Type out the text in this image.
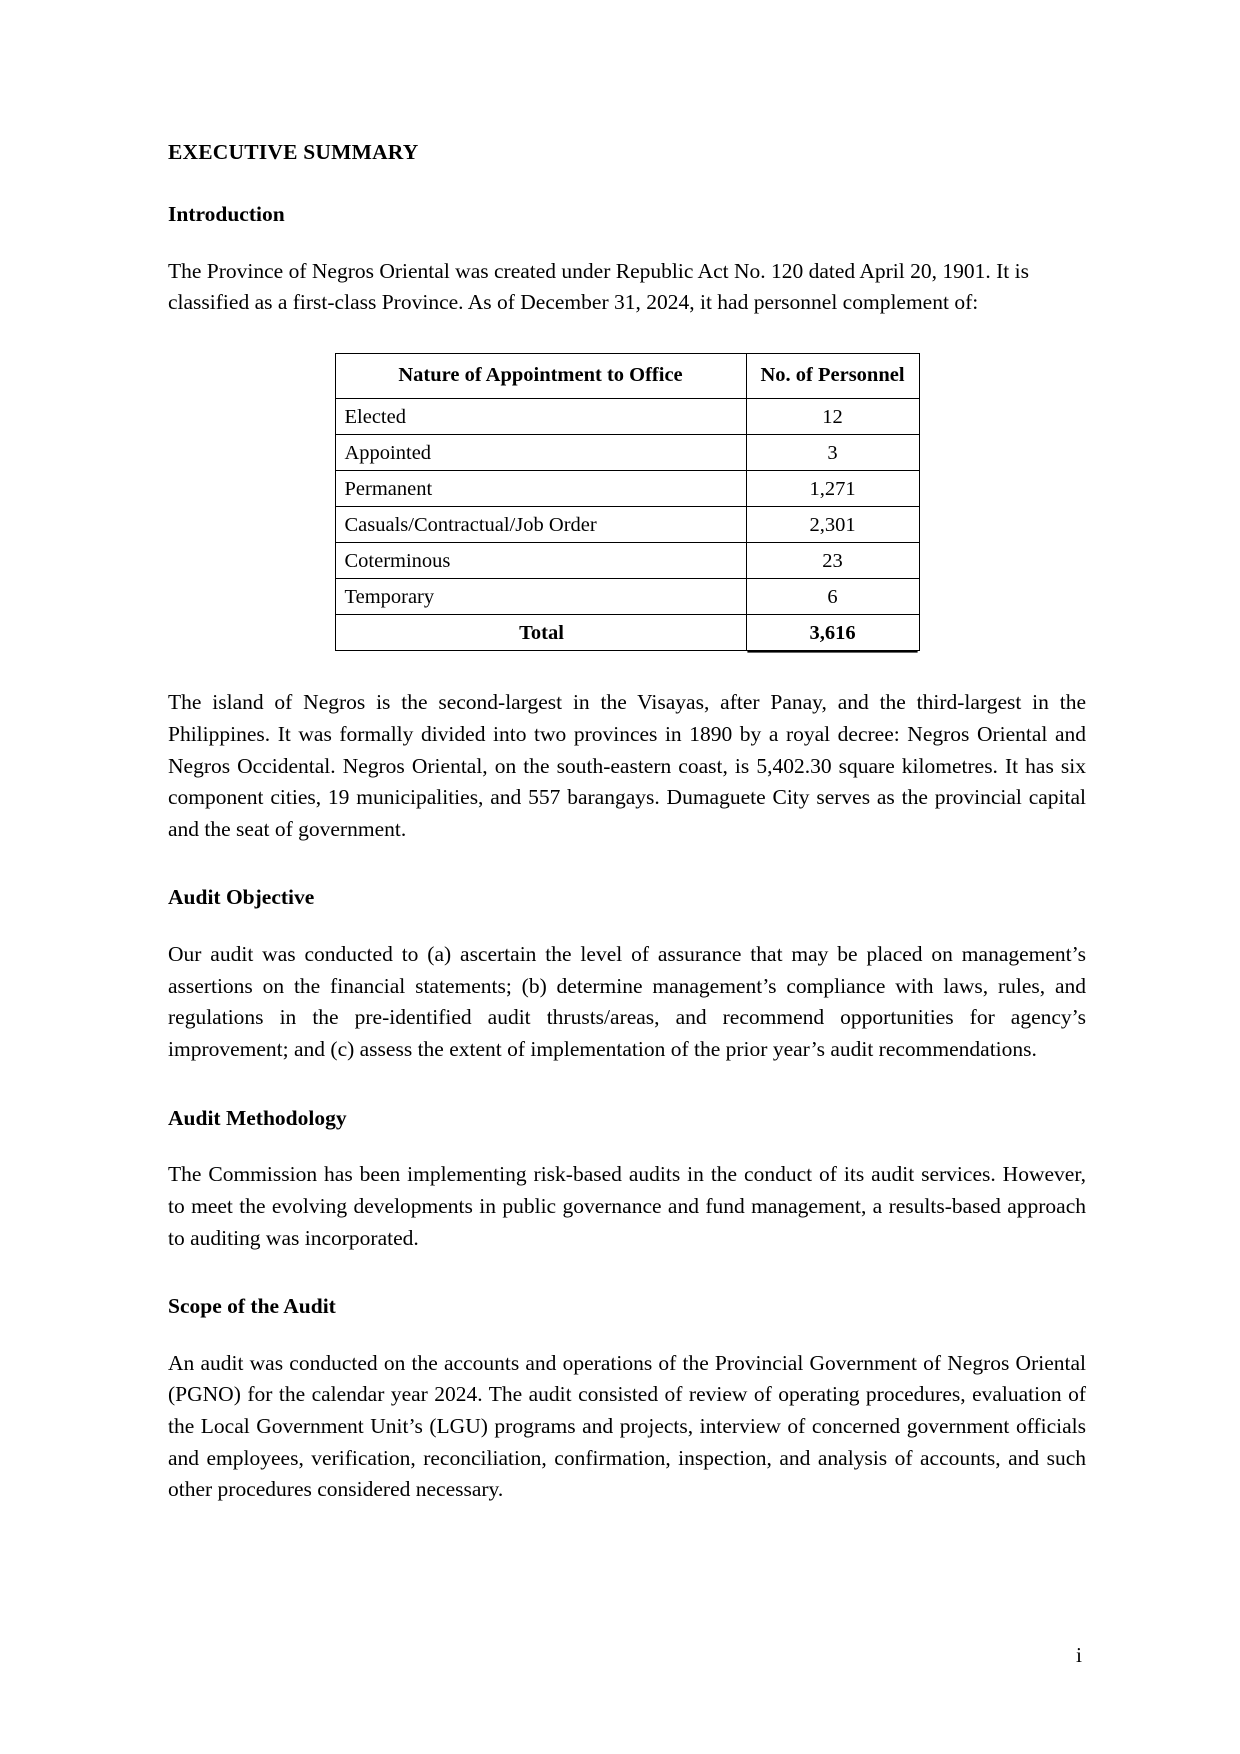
EXECUTIVE SUMMARY
Introduction

The Province of Negros Oriental was created under Republic Act No. 120 dated April 20, 1901. It is classified as a first-class Province. As of December 31, 2024, it had personnel complement of:

Nature of Appointment to Office	No. of Personnel
Elected	12
Appointed	3
Permanent	1,271
Casuals/Contractual/Job Order	2,301
Coterminous	23
Temporary	6
Total	3,616

The island of Negros is the second-largest in the Visayas, after Panay, and the third-largest in the Philippines. It was formally divided into two provinces in 1890 by a royal decree: Negros Oriental and Negros Occidental. Negros Oriental, on the south-eastern coast, is 5,402.30 square kilometres. It has six component cities, 19 municipalities, and 557 barangays. Dumaguete City serves as the provincial capital and the seat of government.

Audit Objective

Our audit was conducted to (a) ascertain the level of assurance that may be placed on management’s assertions on the financial statements; (b) determine management’s compliance with laws, rules, and regulations in the pre-identified audit thrusts/areas, and recommend opportunities for agency’s improvement; and (c) assess the extent of implementation of the prior year’s audit recommendations.

Audit Methodology

The Commission has been implementing risk-based audits in the conduct of its audit services. However, to meet the evolving developments in public governance and fund management, a results-based approach to auditing was incorporated.

Scope of the Audit

An audit was conducted on the accounts and operations of the Provincial Government of Negros Oriental (PGNO) for the calendar year 2024. The audit consisted of review of operating procedures, evaluation of the Local Government Unit’s (LGU) programs and projects, interview of concerned government officials and employees, verification, reconciliation, confirmation, inspection, and analysis of accounts, and such other procedures considered necessary.

i
